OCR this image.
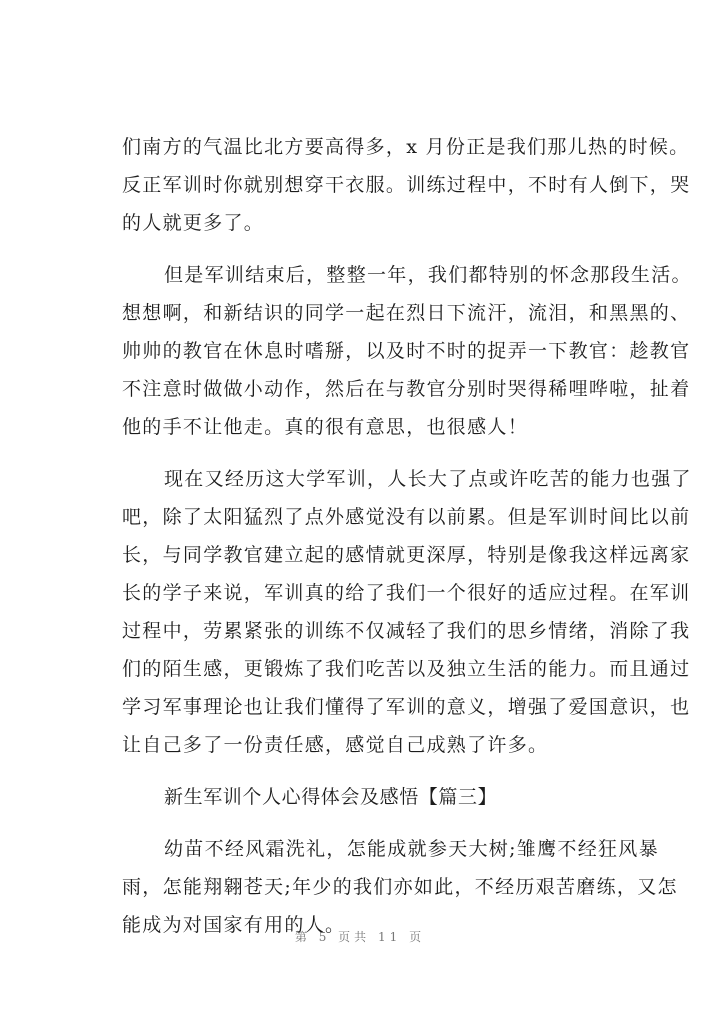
们南方的气温比北方要高得多，x 月份正是我们那儿热的时候。
反正军训时你就别想穿干衣服。训练过程中，不时有人倒下，哭
的人就更多了。
但是军训结束后，整整一年，我们都特别的怀念那段生活。
想想啊，和新结识的同学一起在烈日下流汗，流泪，和黑黑的、
帅帅的教官在休息时嗜掰，以及时不时的捉弄一下教官：趁教官
不注意时做做小动作，然后在与教官分别时哭得稀哩哗啦，扯着
他的手不让他走。真的很有意思，也很感人！
现在又经历这大学军训，人长大了点或许吃苦的能力也强了
吧，除了太阳猛烈了点外感觉没有以前累。但是军训时间比以前
长，与同学教官建立起的感情就更深厚，特别是像我这样远离家
长的学子来说，军训真的给了我们一个很好的适应过程。在军训
过程中，劳累紧张的训练不仅减轻了我们的思乡情绪，消除了我
们的陌生感，更锻炼了我们吃苦以及独立生活的能力。而且通过
学习军事理论也让我们懂得了军训的意义，增强了爱国意识，也
让自己多了一份责任感，感觉自己成熟了许多。
新生军训个人心得体会及感悟【篇三】
幼苗不经风霜洗礼，怎能成就参天大树;雏鹰不经狂风暴
雨，怎能翔翱苍天;年少的我们亦如此，不经历艰苦磨练，又怎
能成为对国家有用的人。
第 5 页共 11 页
